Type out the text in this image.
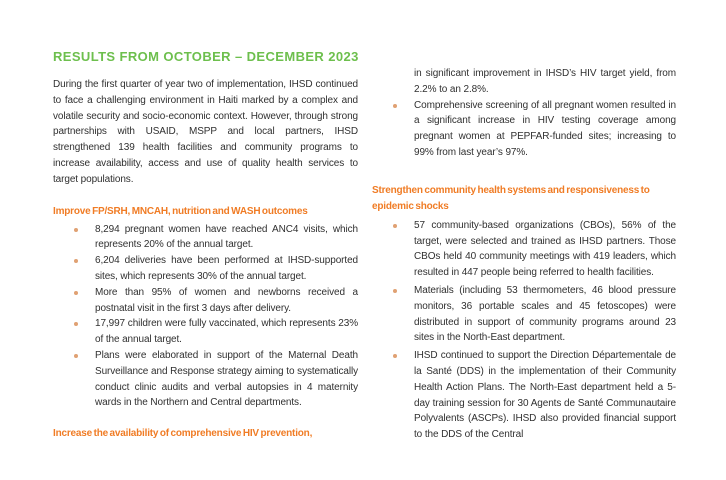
RESULTS FROM OCTOBER – DECEMBER 2023

During the first quarter of year two of implementation, IHSD continued to face a challenging environment in Haiti marked by a complex and volatile security and socio-economic context. However, through strong partnerships with USAID, MSPP and local partners, IHSD strengthened 139 health facilities and community programs to increase availability, access and use of quality health services to target populations.

Improve FP/SRH, MNCAH, nutrition and WASH outcomes
8,294 pregnant women have reached ANC4 visits, which represents 20% of the annual target.
6,204 deliveries have been performed at IHSD-supported sites, which represents 30% of the annual target.
More than 95% of women and newborns received a postnatal visit in the first 3 days after delivery.
17,997 children were fully vaccinated, which represents 23% of the annual target.
Plans were elaborated in support of the Maternal Death Surveillance and Response strategy aiming to systematically conduct clinic audits and verbal autopsies in 4 maternity wards in the Northern and Central departments.
Increase the availability of comprehensive HIV prevention,

in significant improvement in IHSD’s HIV target yield, from 2.2% to an 2.8%.

Comprehensive screening of all pregnant women resulted in a significant increase in HIV testing coverage among pregnant women at PEPFAR-funded sites; increasing to 99% from last year’s 97%.
Strengthen community health systems and responsiveness to epidemic shocks
57 community-based organizations (CBOs), 56% of the target, were selected and trained as IHSD partners. Those CBOs held 40 community meetings with 419 leaders, which resulted in 447 people being referred to health facilities.
Materials (including 53 thermometers, 46 blood pressure monitors, 36 portable scales and 45 fetoscopes) were distributed in support of community programs around 23 sites in the North-East department.
IHSD continued to support the Direction Départementale de la Santé (DDS) in the implementation of their Community Health Action Plans. The North-East department held a 5-day training session for 30 Agents de Santé Communautaire Polyvalents (ASCPs). IHSD also provided financial support to the DDS of the Central
